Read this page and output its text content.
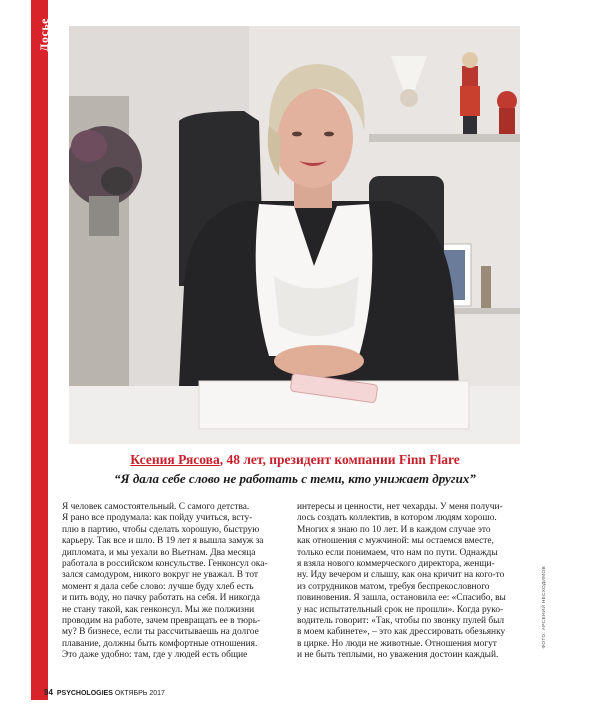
Досье
Ксения Рясова, 48 лет, президент компании Finn Flare
“Я дала себе слово не работать с теми, кто унижает других”

Я человек самостоятельный. С самого детства.

Я рано все продумала: как пойду учиться, всту-

плю в партию, чтобы сделать хорошую, быструю

карьеру. Так все и шло. В 19 лет я вышла замуж за

дипломата, и мы уехали во Вьетнам. Два месяца

работала в российском консульстве. Генконсул ока-

зался самодуром, никого вокруг не уважал. В тот

момент я дала себе слово: лучше буду хлеб есть

и пить воду, но пачку работать на себя. И никогда

не стану такой, как генконсул. Мы же полжизни

проводим на работе, зачем превращать ее в тюрь-

му? В бизнесе, если ты рассчитываешь на долгое

плавание, должны быть комфортные отношения.

Это даже удобно: там, где у людей есть общие

интересы и ценности, нет чехарды. У меня получи-

лось создать коллектив, в котором людям хорошо.

Многих я знаю по 10 лет. И в каждом случае это

как отношения с мужчиной: мы остаемся вместе,

только если понимаем, что нам по пути. Однажды

я взяла нового коммерческого директора, женщи-

ну. Иду вечером и слышу, как она кричит на кого-то

из сотрудников матом, требуя беспрекословного

повиновения. Я зашла, остановила ее: «Спасибо, вы

у нас испытательный срок не прошли». Когда руко-

водитель говорит: «Так, чтобы по звонку пулей был

в моем кабинете», – это как дрессировать обезьянку

в цирке. Но люди не животные. Отношения могут

и не быть теплыми, но уважения достоин каждый.

ФОТО: АРСЕНИЙ НЕСХОДИМОВ
94 PSYCHOLOGIES ОКТЯБРЬ 2017
